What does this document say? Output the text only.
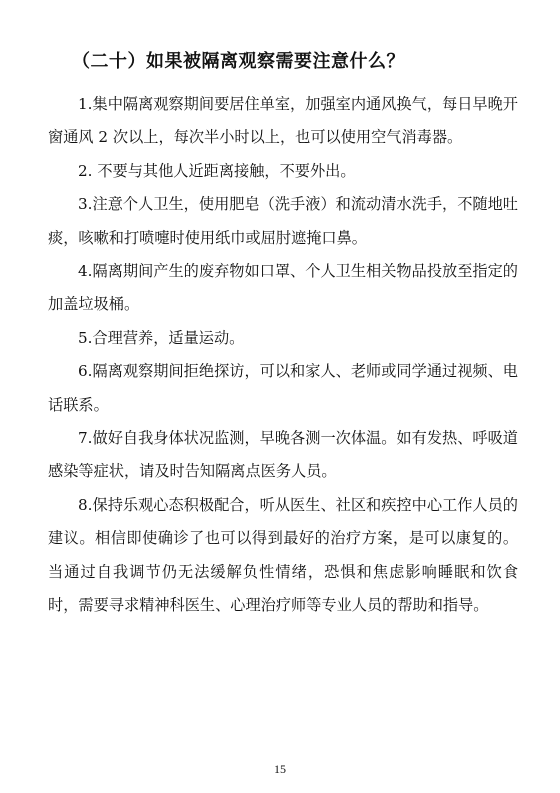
（二十）如果被隔离观察需要注意什么？

1.集中隔离观察期间要居住单室，加强室内通风换气，每日早晚开窗通风 2 次以上，每次半小时以上，也可以使用空气消毒器。

2. 不要与其他人近距离接触，不要外出。

3.注意个人卫生，使用肥皂（洗手液）和流动清水洗手，不随地吐痰，咳嗽和打喷嚏时使用纸巾或屈肘遮掩口鼻。

4.隔离期间产生的废弃物如口罩、个人卫生相关物品投放至指定的加盖垃圾桶。

5.合理营养，适量运动。

6.隔离观察期间拒绝探访，可以和家人、老师或同学通过视频、电话联系。

7.做好自我身体状况监测，早晚各测一次体温。如有发热、呼吸道感染等症状，请及时告知隔离点医务人员。

8.保持乐观心态积极配合，听从医生、社区和疾控中心工作人员的建议。相信即使确诊了也可以得到最好的治疗方案，是可以康复的。当通过自我调节仍无法缓解负性情绪，恐惧和焦虑影响睡眠和饮食时，需要寻求精神科医生、心理治疗师等专业人员的帮助和指导。

15
